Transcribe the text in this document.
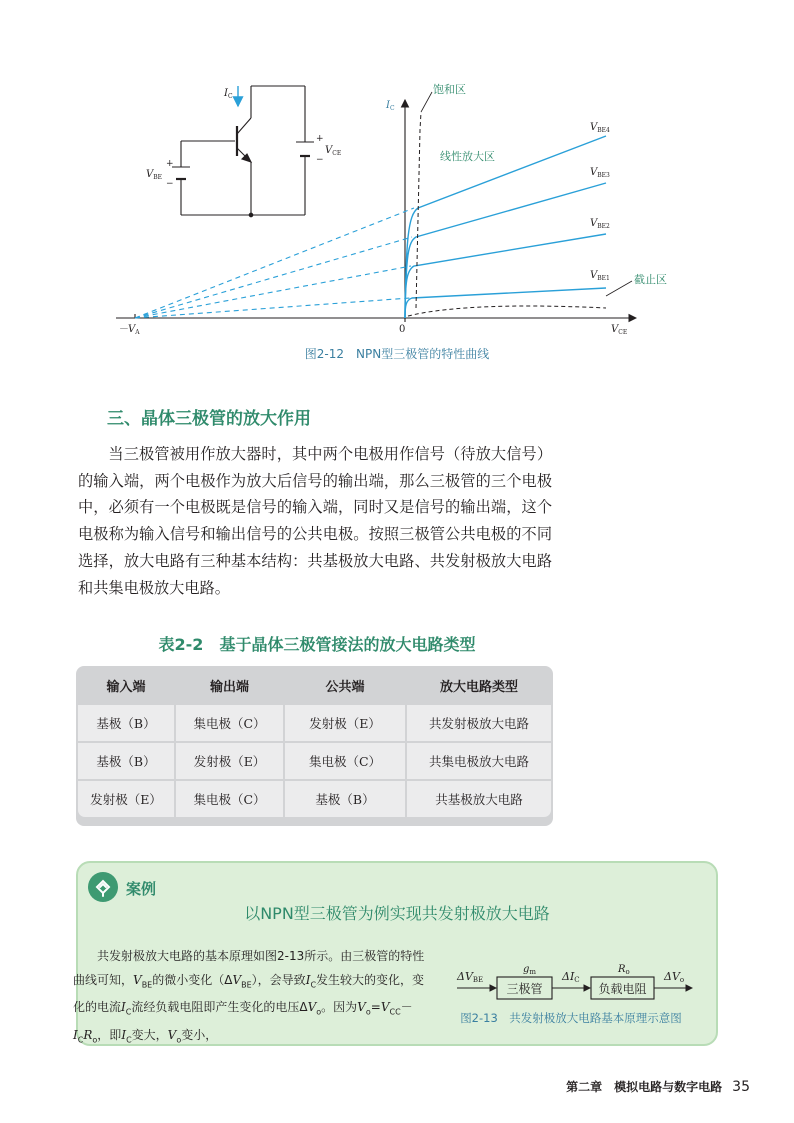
$I_C$
$V_{BE}$
+
−
$V_{CE}$
+
−
$I_C$
$V_{CE}$
0
$-V_A$
$V_{BE4}$
$V_{BE3}$
$V_{BE2}$
$V_{BE1}$
饱和区
线性放大区
截止区
图2-12　NPN型三极管的特性曲线
三、晶体三极管的放大作用
当三极管被用作放大器时，其中两个电极用作信号（待放大信号）的输入端，两个电极作为放大后信号的输出端，那么三极管的三个电极中，必须有一个电极既是信号的输入端，同时又是信号的输出端，这个电极称为输入信号和输出信号的公共电极。按照三极管公共电极的不同选择，放大电路有三种基本结构：共基极放大电路、共发射极放大电路和共集电极放大电路。
表2-2　基于晶体三极管接法的放大电路类型
输入端	输出端	公共端	放大电路类型
基极（B）	集电极（C）	发射极（E）	共发射极放大电路
基极（B）	发射极（E）	集电极（C）	共集电极放大电路
发射极（E）	集电极（C）	基极（B）	共基极放大电路
案例
以NPN型三极管为例实现共发射极放大电路

共发射极放大电路的基本原理如图2-13所示。由三极管的特性曲线可知，$V_{BE}$的微小变化$(\Delta V_{BE})$，会导致$I_C$发生较大的变化，变化的电流$I_C$流经负载电阻即产生变化的电压$\Delta V_o$。因为$V_o=V_{CC}-I_CR_o$，即$I_C$变大，$V_o$变小，

ΔVBE
$g_m$
三极管
ΔIC
$R_o$
负载电阻
ΔVo
图2-13　共发射极放大电路基本原理示意图
第二章　模拟电路与数字电路 35
